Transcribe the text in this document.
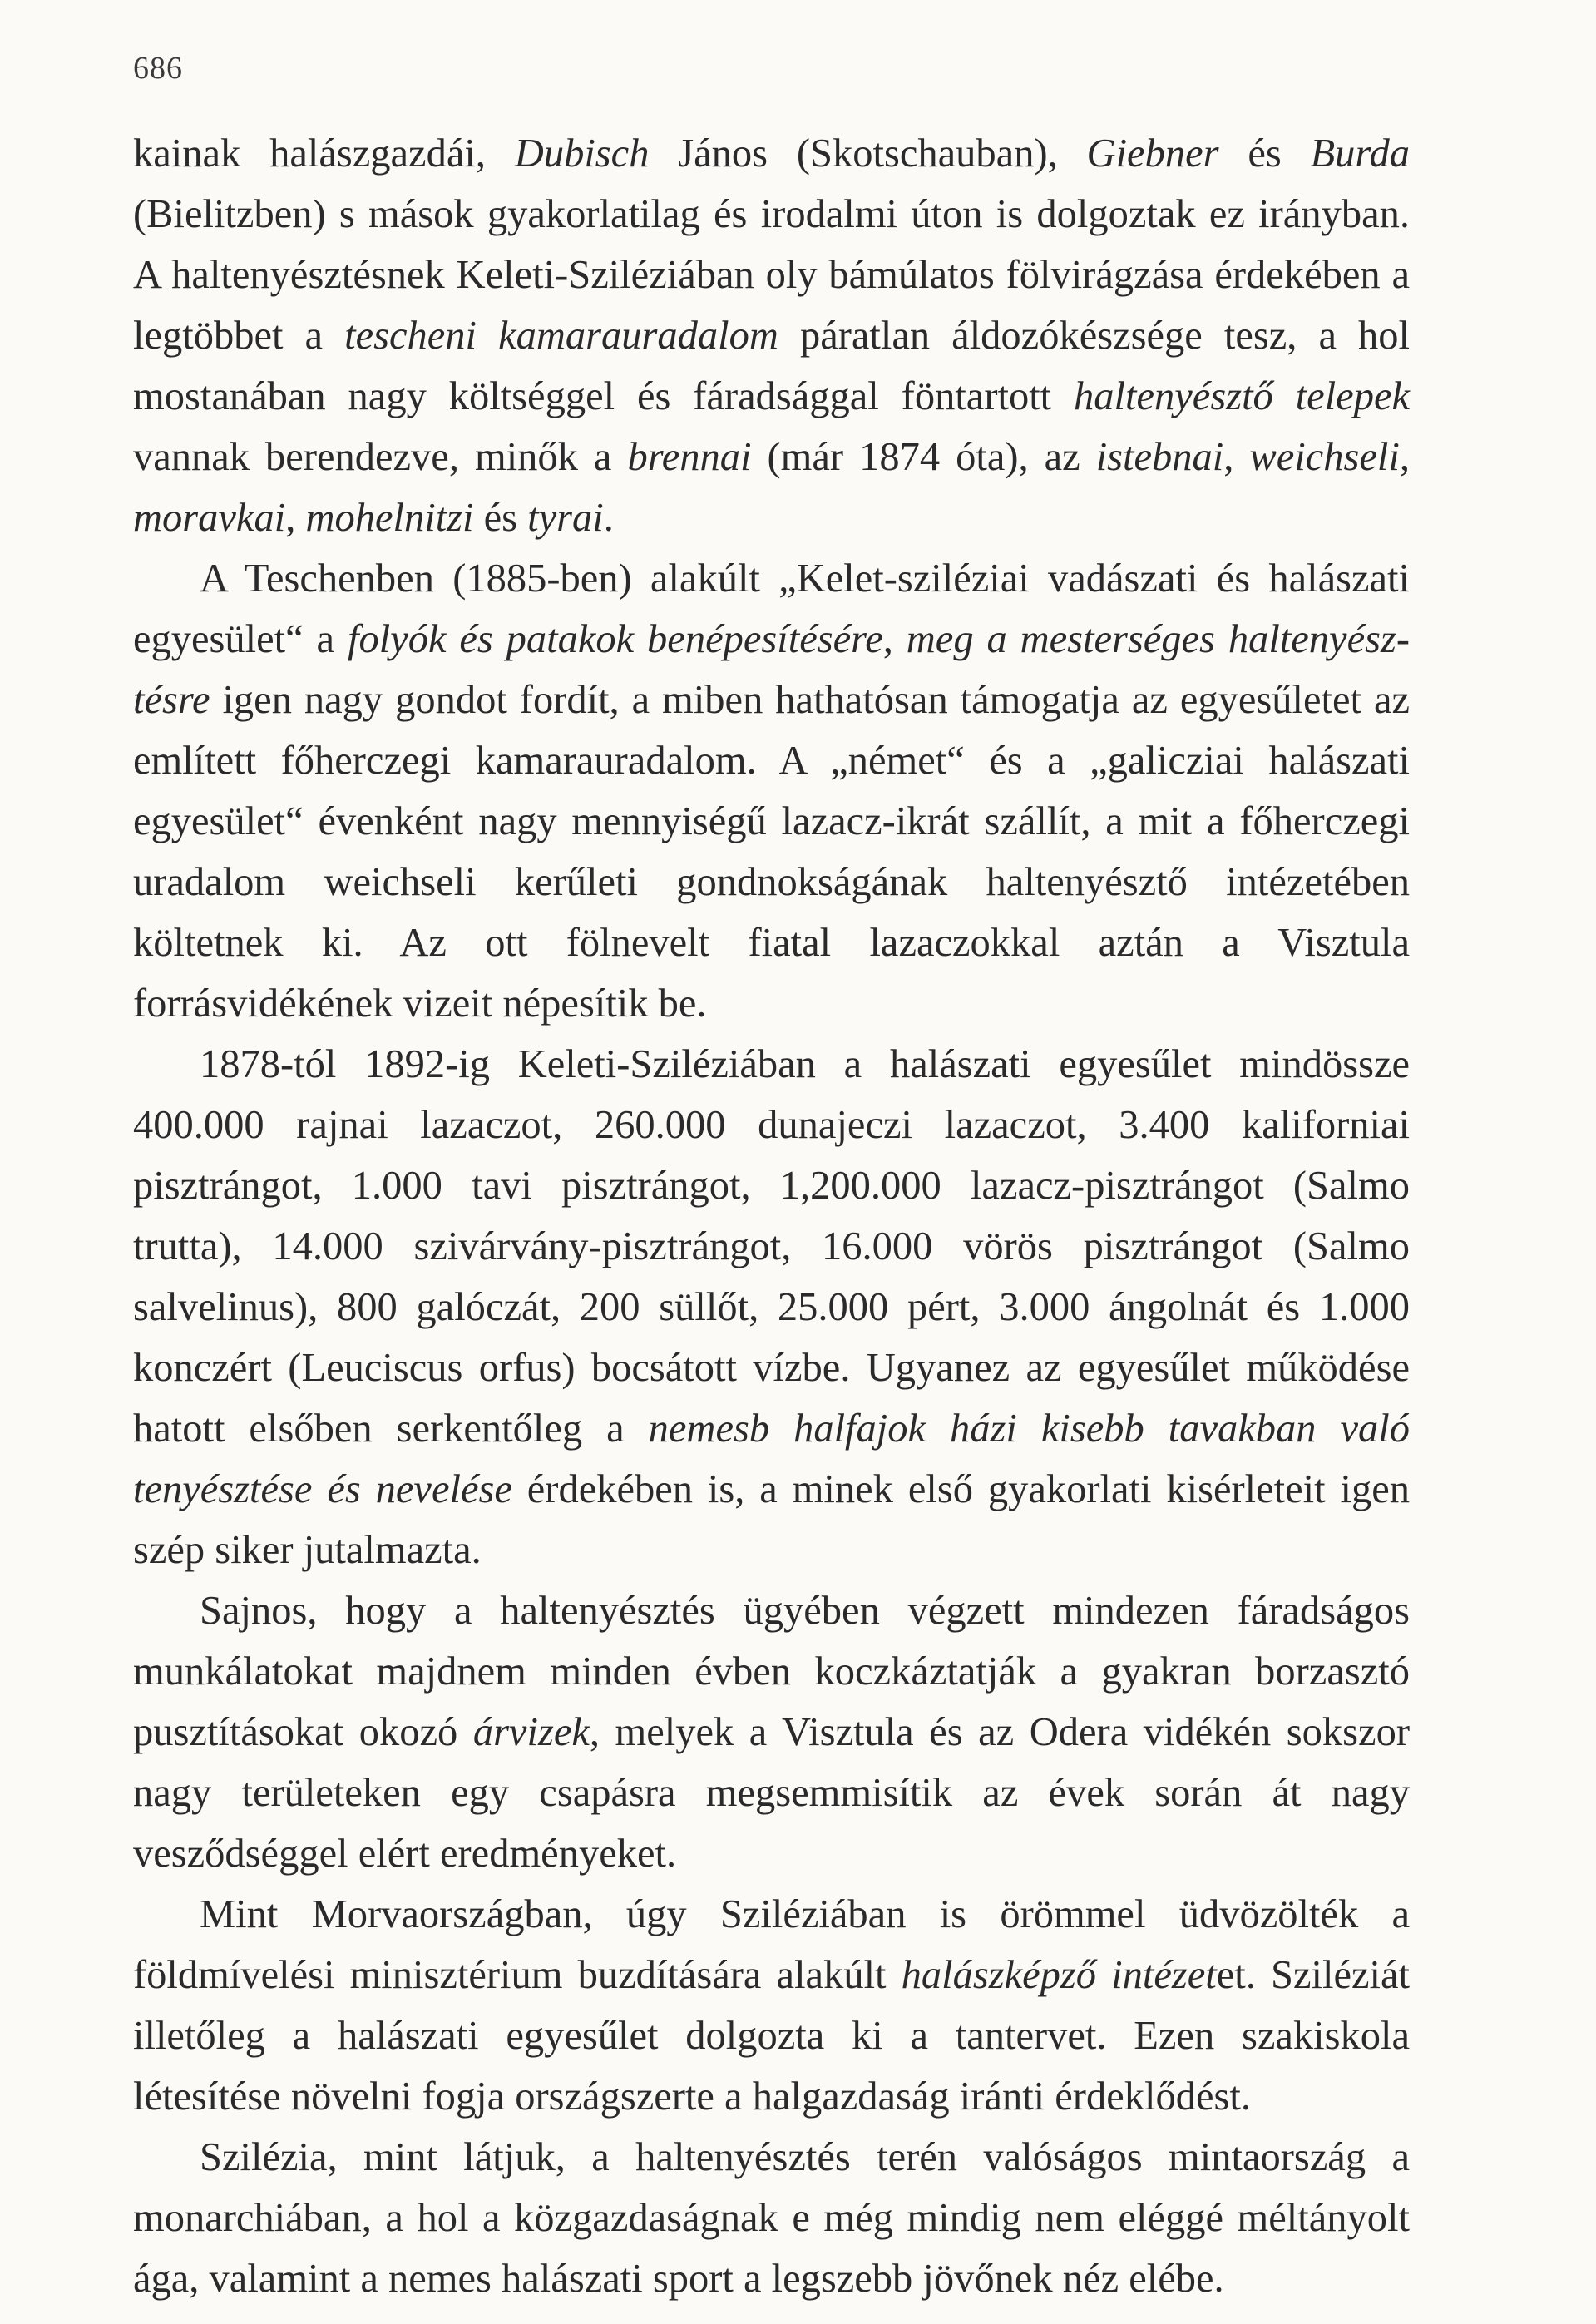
686

kainak halászgazdái, Dubisch János (Skotschauban), Giebner és Burda (Bielitzben) s mások gyakorlatilag és irodalmi úton is dolgoztak ez irányban. A haltenyésztésnek Keleti-Sziléziában oly bámúlatos fölvirágzása érdekében a legtöbbet a tescheni kamarauradalom páratlan áldozókészsége tesz, a hol mostanában nagy költséggel és fáradsággal föntartott haltenyésztő telepek vannak berendezve, minők a brennai (már 1874 óta), az istebnai, weichseli, moravkai, mohelnitzi és tyrai.

A Teschenben (1885-ben) alakúlt „Kelet-sziléziai vadászati és halászati egyesület“ a folyók és patakok benépesítésére, meg a mesterséges haltenyész-tésre igen nagy gondot fordít, a miben hathatósan támogatja az egyesűletet az említett főherczegi kamarauradalom. A „német“ és a „galicziai halászati egyesület“ évenként nagy mennyiségű lazacz-ikrát szállít, a mit a főherczegi uradalom weichseli kerűleti gondnokságának haltenyésztő intézetében költetnek ki. Az ott fölnevelt fiatal lazaczokkal aztán a Visztula forrásvidékének vizeit népesítik be.

1878-tól 1892-ig Keleti-Sziléziában a halászati egyesűlet mindössze 400.000 rajnai lazaczot, 260.000 dunajeczi lazaczot, 3.400 kaliforniai pisztrángot, 1.000 tavi pisztrángot, 1,200.000 lazacz-pisztrángot (Salmo trutta), 14.000 szivárvány-pisztrángot, 16.000 vörös pisztrángot (Salmo salvelinus), 800 galóczát, 200 süllőt, 25.000 pért, 3.000 ángolnát és 1.000 konczért (Leuciscus orfus) bocsátott vízbe. Ugyanez az egyesűlet működése hatott elsőben serkentőleg a nemesb halfajok házi kisebb tavakban való tenyésztése és nevelése érdekében is, a minek első gyakorlati kisérleteit igen szép siker jutalmazta.

Sajnos, hogy a haltenyésztés ügyében végzett mindezen fáradságos munkálatokat majdnem minden évben koczkáztatják a gyakran borzasztó pusztításokat okozó árvizek, melyek a Visztula és az Odera vidékén sokszor nagy területeken egy csapásra megsemmisítik az évek során át nagy vesződséggel elért eredményeket.

Mint Morvaországban, úgy Sziléziában is örömmel üdvözölték a földmívelési minisztérium buzdítására alakúlt halászképző intézetet. Sziléziát illetőleg a halászati egyesűlet dolgozta ki a tantervet. Ezen szakiskola létesítése növelni fogja országszerte a halgazdaság iránti érdeklődést.

Szilézia, mint látjuk, a haltenyésztés terén valóságos mintaország a monarchiában, a hol a közgazdaságnak e még mindig nem eléggé méltányolt ága, valamint a nemes halászati sport a legszebb jövőnek néz elébe.
